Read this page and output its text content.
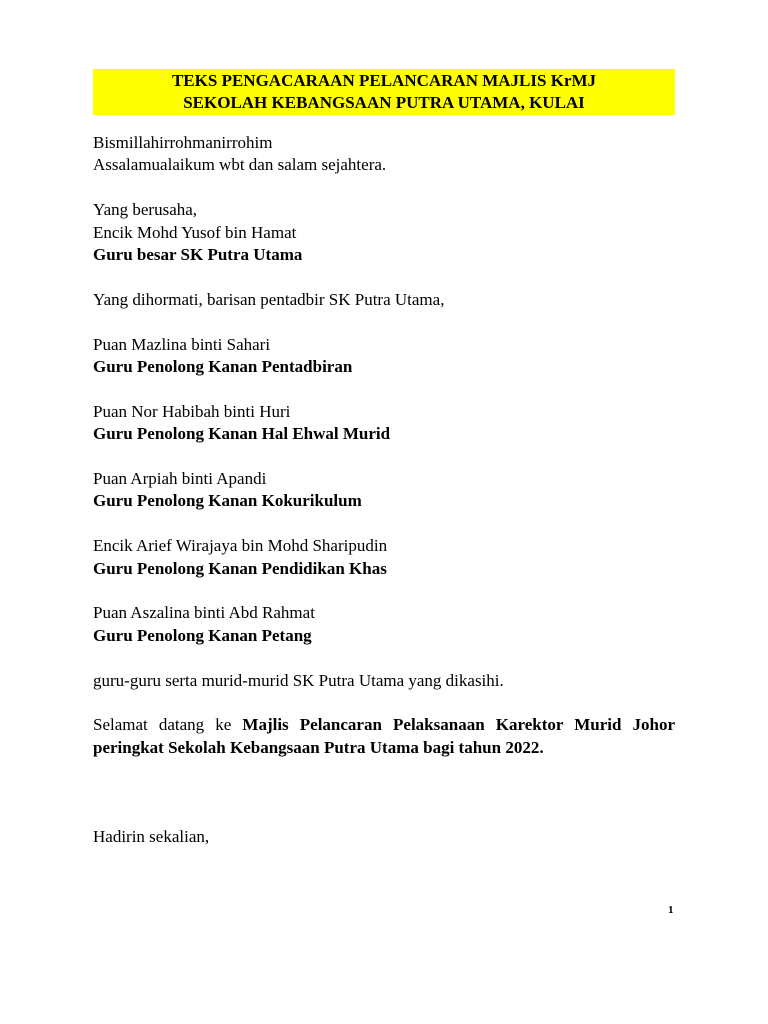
TEKS PENGACARAAN PELANCARAN MAJLIS KrMJ
SEKOLAH KEBANGSAAN PUTRA UTAMA, KULAI
Bismillahirrohmanirrohim
Assalamualaikum wbt dan salam sejahtera.
Yang berusaha,
Encik Mohd Yusof bin Hamat
Guru besar SK Putra Utama
Yang dihormati, barisan pentadbir SK Putra Utama,
Puan Mazlina binti Sahari
Guru Penolong Kanan Pentadbiran
Puan Nor Habibah binti Huri
Guru Penolong Kanan Hal Ehwal Murid
Puan Arpiah binti Apandi
Guru Penolong Kanan Kokurikulum
Encik Arief Wirajaya bin Mohd Sharipudin
Guru Penolong Kanan Pendidikan Khas
Puan Aszalina binti Abd Rahmat
Guru Penolong Kanan Petang
guru-guru serta murid-murid SK Putra Utama yang dikasihi.
Selamat datang ke Majlis Pelancaran Pelaksanaan Karektor Murid Johor peringkat Sekolah Kebangsaan Putra Utama bagi tahun 2022.
Hadirin sekalian,
1
